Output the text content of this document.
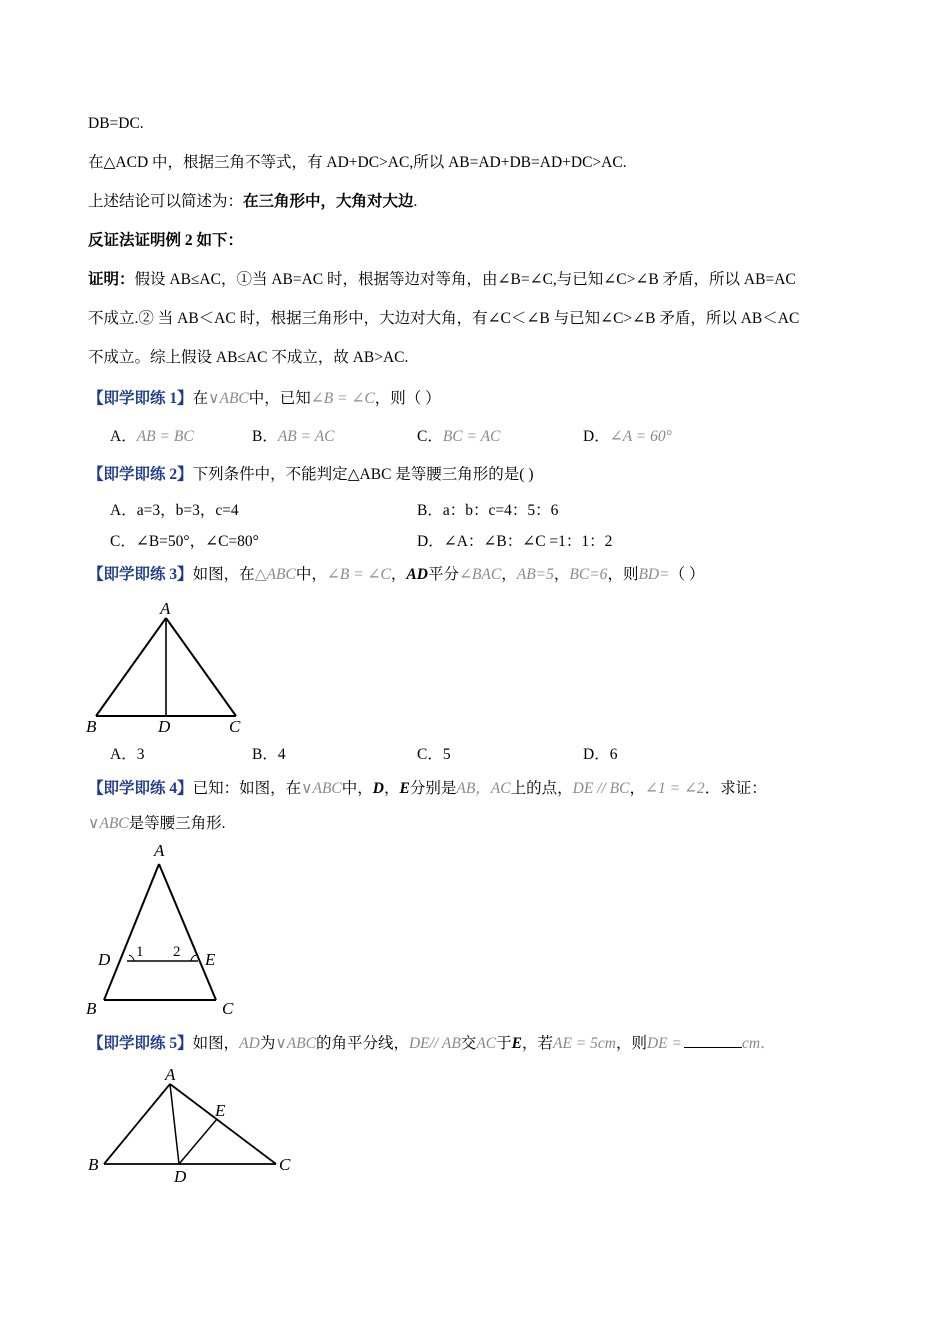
DB=DC.
在△ACD 中，根据三角不等式，有 AD+DC>AC,所以 AB=AD+DB=AD+DC>AC.
上述结论可以简述为：在三角形中，大角对大边.
反证法证明例 2 如下：
证明：假设 AB≤AC，①当 AB=AC 时，根据等边对等角，由∠B=∠C,与已知∠C>∠B 矛盾，所以 AB=AC
不成立.② 当 AB＜AC 时，根据三角形中，大边对大角，有∠C＜∠B 与已知∠C>∠B 矛盾，所以 AB＜AC
不成立。综上假设 AB≤AC 不成立，故 AB>AC.
【即学即练 1】在∨ABC中，已知∠B = ∠C，则（ ）
A．AB = BC	B．AB = AC	C．BC = AC	D．∠A = 60°
【即学即练 2】下列条件中，不能判定△ABC 是等腰三角形的是( )
A．a=3，b=3，c=4	B．a：b：c=4：5：6
C．∠B=50°，∠C=80°	D．∠A：∠B：∠C =1：1：2
【即学即练 3】如图，在△ABC中，∠B = ∠C，AD平分∠BAC，AB=5，BC=6，则BD=（ ）
A
B	D	C
A．3	B．4	C．5	D．6
【即学即练 4】已知：如图，在∨ABC中，D，E分别是AB，AC上的点，DE // BC，∠1 = ∠2．求证：
∨ABC是等腰三角形.
A
D	E
B	C
1 2
【即学即练 5】如图，AD为∨ABC的角平分线，DE// AB交AC于E，若AE = 5cm，则DE =	cm．
A
E
B
D
C
